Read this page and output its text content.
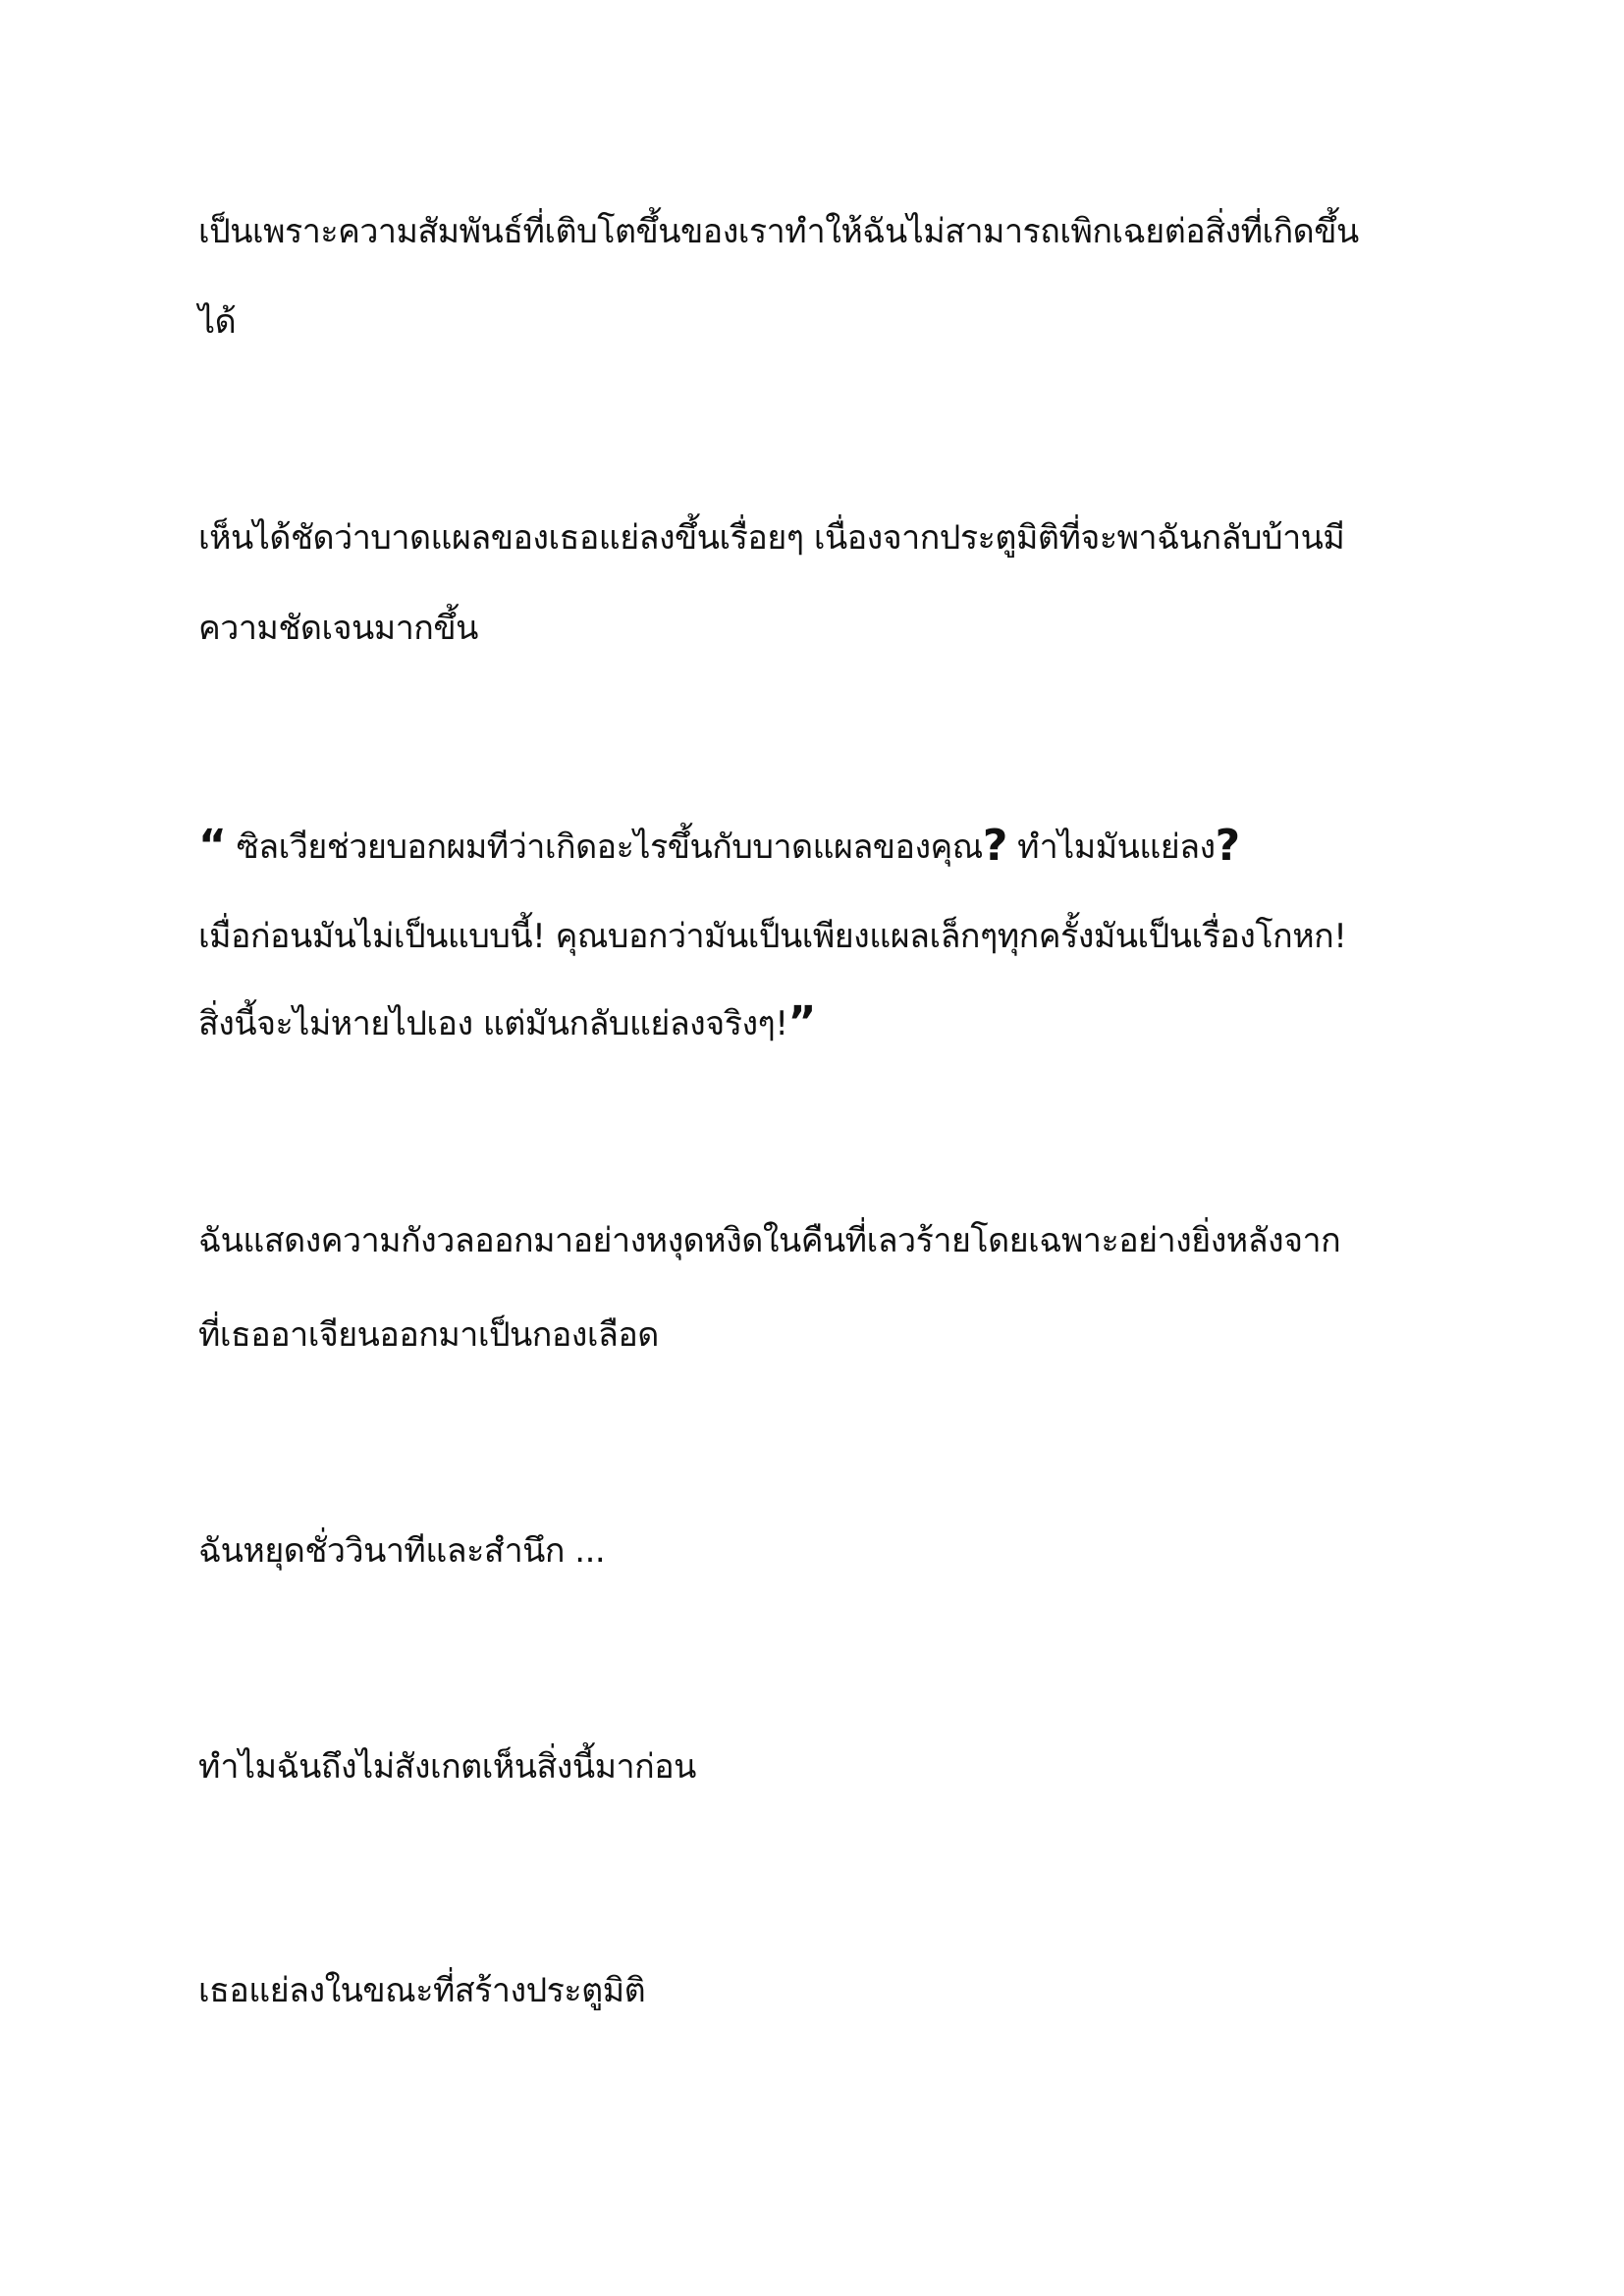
เป็นเพราะความสัมพันธ์ที่เติบโตขึ้นของเราทำให้ฉันไม่สามารถเพิกเฉยต่อสิ่งที่เกิดขึ้น

ได้

เห็นได้ชัดว่าบาดแผลของเธอแย่ลงขึ้นเรื่อยๆ เนื่องจากประตูมิติที่จะพาฉันกลับบ้านมี

ความชัดเจนมากขึ้น

“ ซิลเวียช่วยบอกผมทีว่าเกิดอะไรขึ้นกับบาดแผลของคุณ? ทำไมมันแย่ลง?

เมื่อก่อนมันไม่เป็นแบบนี้! คุณบอกว่ามันเป็นเพียงแผลเล็กๆทุกครั้งมันเป็นเรื่องโกหก!

สิ่งนี้จะไม่หายไปเอง แต่มันกลับแย่ลงจริงๆ!”

ฉันแสดงความกังวลออกมาอย่างหงุดหงิดในคืนที่เลวร้ายโดยเฉพาะอย่างยิ่งหลังจาก

ที่เธออาเจียนออกมาเป็นกองเลือด

ฉันหยุดชั่ววินาทีและสำนึก ...

ทำไมฉันถึงไม่สังเกตเห็นสิ่งนี้มาก่อน

เธอแย่ลงในขณะที่สร้างประตูมิติ
